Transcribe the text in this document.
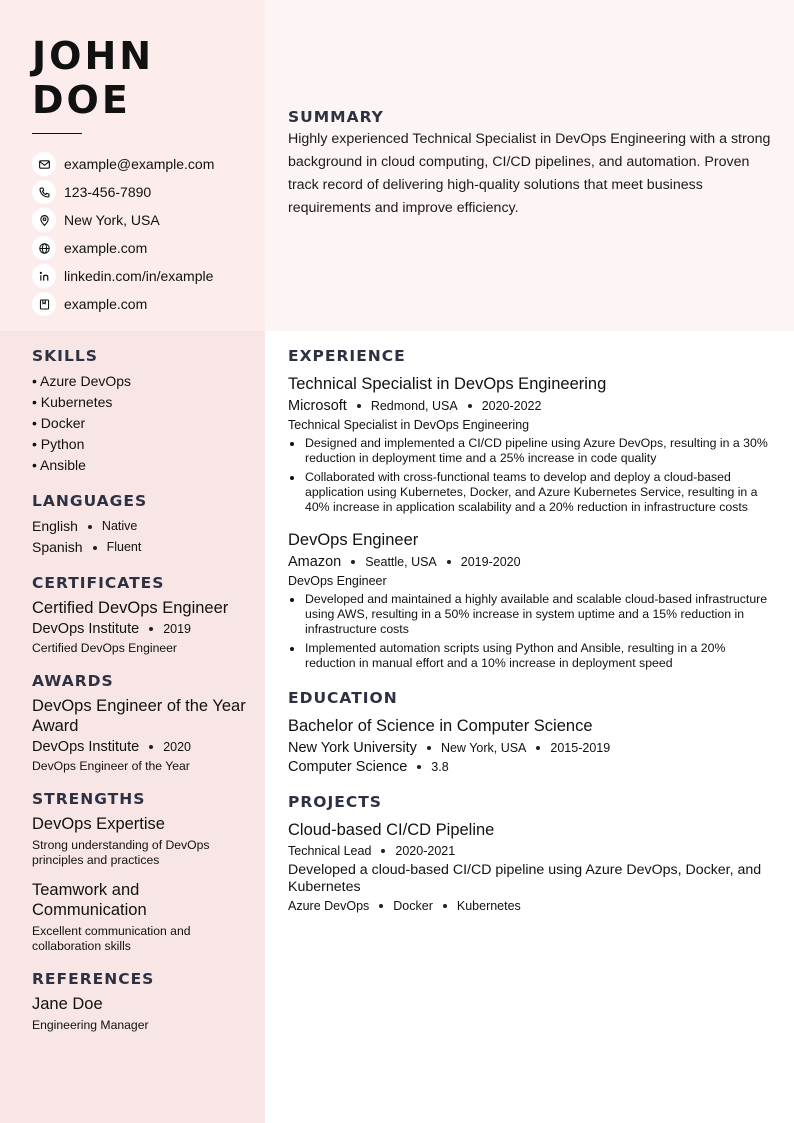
JOHN DOE
example@example.com
123-456-7890
New York, USA
example.com
linkedin.com/in/example
example.com
SUMMARY
Highly experienced Technical Specialist in DevOps Engineering with a strong background in cloud computing, CI/CD pipelines, and automation. Proven track record of delivering high-quality solutions that meet business requirements and improve efficiency.
SKILLS
• Azure DevOps
• Kubernetes
• Docker
• Python
• Ansible
LANGUAGES
English Native
Spanish Fluent
CERTIFICATES
Certified DevOps Engineer
DevOps Institute 2019
Certified DevOps Engineer
AWARDS
DevOps Engineer of the Year Award
DevOps Institute 2020
DevOps Engineer of the Year
STRENGTHS
DevOps Expertise
Strong understanding of DevOps principles and practices
Teamwork and Communication
Excellent communication and collaboration skills
REFERENCES
Jane Doe
Engineering Manager
EXPERIENCE
Technical Specialist in DevOps Engineering
Microsoft Redmond, USA 2020-2022
Technical Specialist in DevOps Engineering
Designed and implemented a CI/CD pipeline using Azure DevOps, resulting in a 30% reduction in deployment time and a 25% increase in code quality
Collaborated with cross-functional teams to develop and deploy a cloud-based application using Kubernetes, Docker, and Azure Kubernetes Service, resulting in a 40% increase in application scalability and a 20% reduction in infrastructure costs
DevOps Engineer
Amazon Seattle, USA 2019-2020
DevOps Engineer
Developed and maintained a highly available and scalable cloud-based infrastructure using AWS, resulting in a 50% increase in system uptime and a 15% reduction in infrastructure costs
Implemented automation scripts using Python and Ansible, resulting in a 20% reduction in manual effort and a 10% increase in deployment speed
EDUCATION
Bachelor of Science in Computer Science
New York University New York, USA 2015-2019
Computer Science 3.8
PROJECTS
Cloud-based CI/CD Pipeline
Technical Lead 2020-2021
Developed a cloud-based CI/CD pipeline using Azure DevOps, Docker, and Kubernetes
Azure DevOps Docker Kubernetes
